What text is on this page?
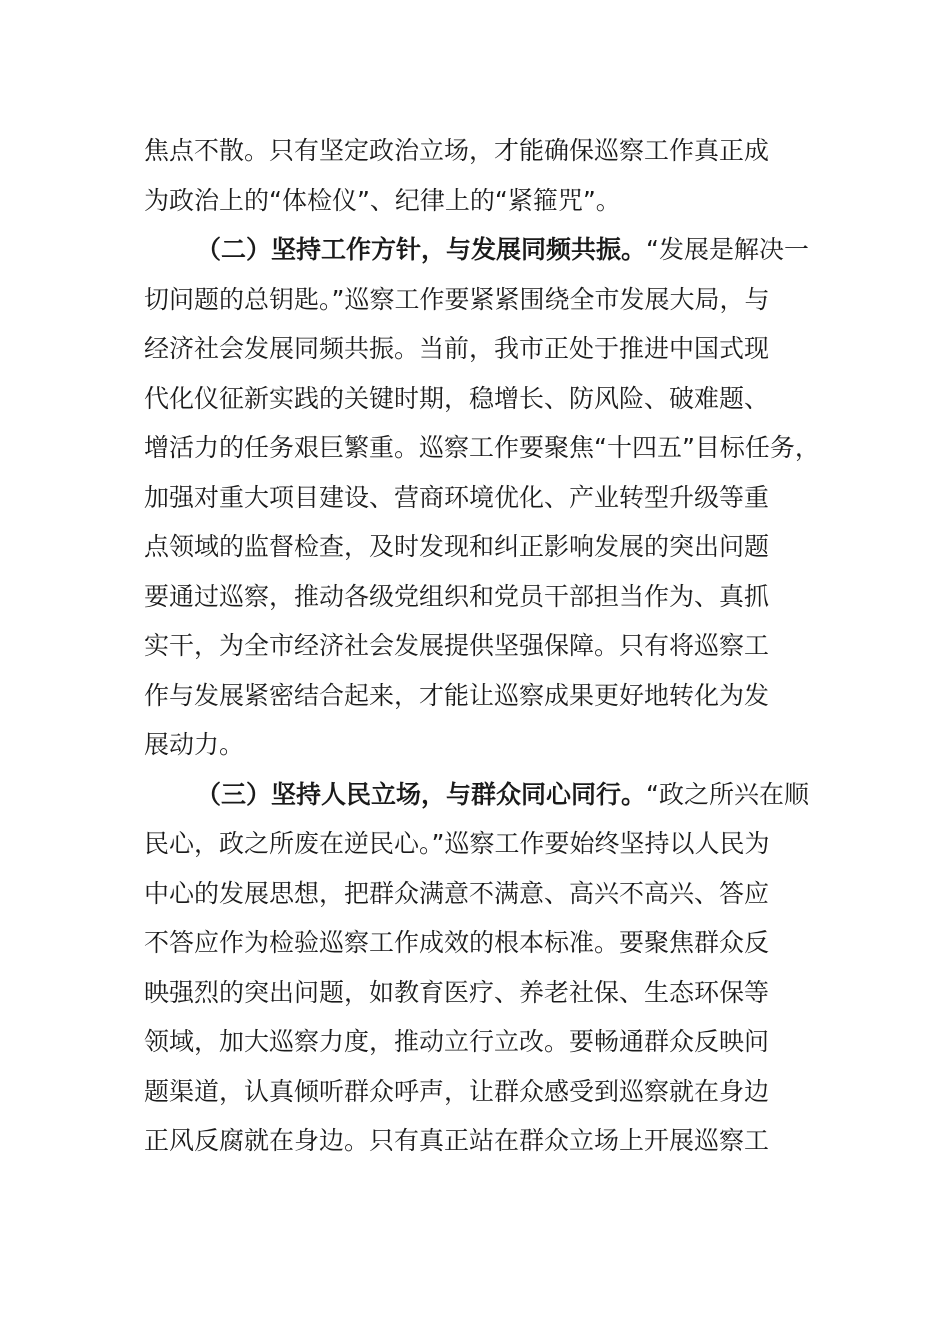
焦点不散。只有坚定政治立场，才能确保巡察工作真正成
为政治上的“体检仪”、纪律上的“紧箍咒”。
（二）坚持工作方针，与发展同频共振。“发展是解决一
切问题的总钥匙。”巡察工作要紧紧围绕全市发展大局，与
经济社会发展同频共振。当前，我市正处于推进中国式现
代化仪征新实践的关键时期，稳增长、防风险、破难题、
增活力的任务艰巨繁重。巡察工作要聚焦“十四五”目标任务，
加强对重大项目建设、营商环境优化、产业转型升级等重
点领域的监督检查，及时发现和纠正影响发展的突出问题
要通过巡察，推动各级党组织和党员干部担当作为、真抓
实干，为全市经济社会发展提供坚强保障。只有将巡察工
作与发展紧密结合起来，才能让巡察成果更好地转化为发
展动力。
（三）坚持人民立场，与群众同心同行。“政之所兴在顺
民心，政之所废在逆民心。”巡察工作要始终坚持以人民为
中心的发展思想，把群众满意不满意、高兴不高兴、答应
不答应作为检验巡察工作成效的根本标准。要聚焦群众反
映强烈的突出问题，如教育医疗、养老社保、生态环保等
领域，加大巡察力度，推动立行立改。要畅通群众反映问
题渠道，认真倾听群众呼声，让群众感受到巡察就在身边
正风反腐就在身边。只有真正站在群众立场上开展巡察工
